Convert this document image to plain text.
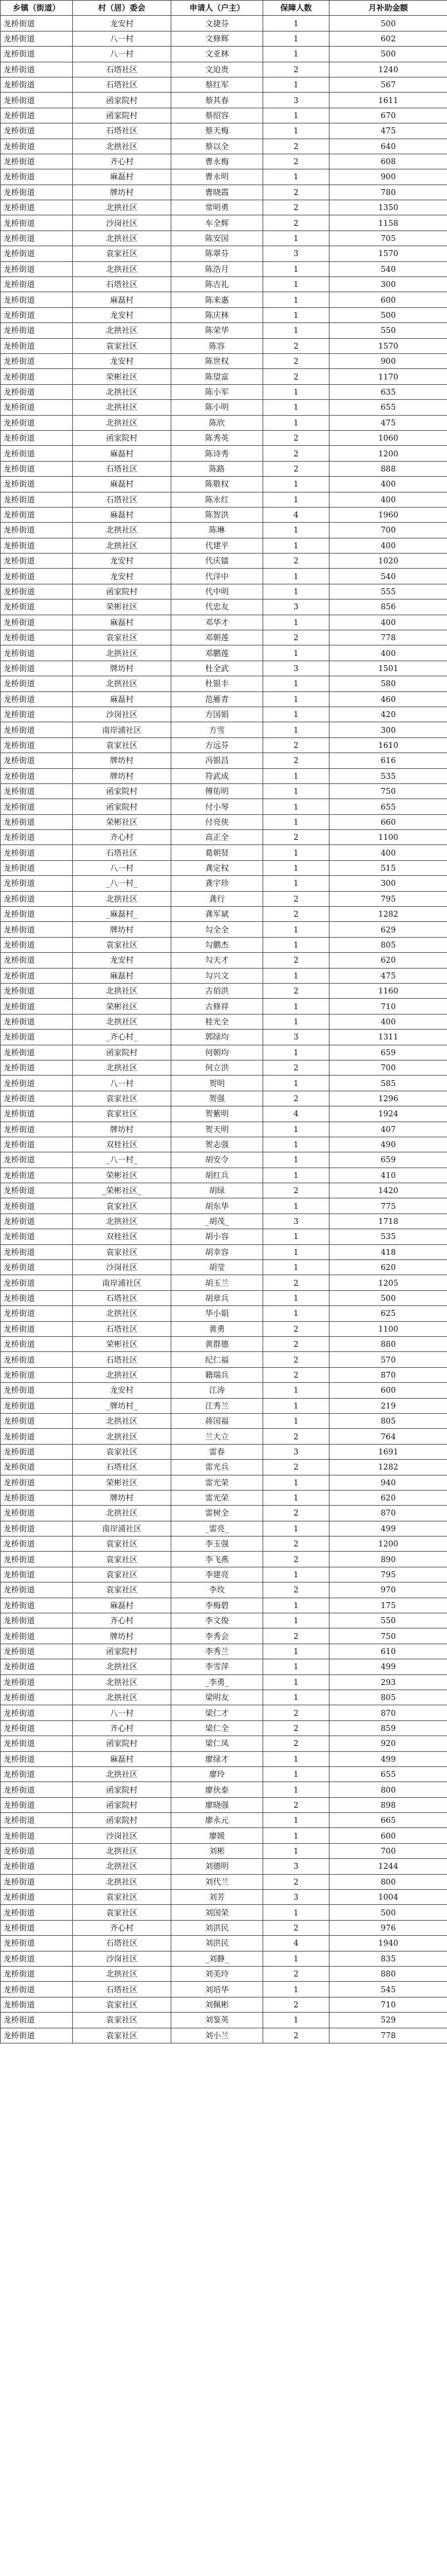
乡镇（街道）	村（居）委会	申请人（户主）	保障人数	月补助金额
龙桥街道	龙安村	文捷芬	1	500
龙桥街道	八一村	文修辉	1	602
龙桥街道	八一村	文亚林	1	500
龙桥街道	石塔社区	文迫贵	2	1240
龙桥街道	石塔社区	蔡红军	1	567
龙桥街道	函家院村	蔡其春	3	1611
龙桥街道	函家院村	蔡绍容	1	670
龙桥街道	石塔社区	蔡天梅	1	475
龙桥街道	北拱社区	蔡以全	2	640
龙桥街道	齐心村	曹永梅	2	608
龙桥街道	麻磊村	曹永明	1	900
龙桥街道	牌坊村	曹晓霞	2	780
龙桥街道	北拱社区	常明勇	2	1350
龙桥街道	沙岗社区	车全辉	2	1158
龙桥街道	北拱社区	陈安国	1	705
龙桥街道	袁家社区	陈翠芬	3	1570
龙桥街道	北拱社区	陈浩月	1	540
龙桥街道	石塔社区	陈吉礼	1	300
龙桥街道	麻磊村	陈来惠	1	600
龙桥街道	龙安村	陈庆林	1	500
龙桥街道	北拱社区	陈荣华	1	550
龙桥街道	袁家社区	陈容	2	1570
龙桥街道	龙安村	陈世权	2	900
龙桥街道	荣彬社区	陈望富	2	1170
龙桥街道	北拱社区	陈小军	1	635
龙桥街道	北拱社区	陈小明	1	655
龙桥街道	北拱社区	陈欣	1	475
龙桥街道	函家院村	陈秀英	2	1060
龙桥街道	麻磊村	陈诗秀	2	1200
龙桥街道	石塔社区	陈路	2	888
龙桥街道	麻磊村	陈敬权	1	400
龙桥街道	石塔社区	陈永红	1	400
龙桥街道	麻磊村	陈智洪	4	1960
龙桥街道	北拱社区	陈琳	1	700
龙桥街道	北拱社区	代建平	1	400
龙桥街道	龙安村	代庆镭	2	1020
龙桥街道	龙安村	代洋中	1	540
龙桥街道	函家院村	代中明	1	555
龙桥街道	荣彬社区	代忠友	3	856
龙桥街道	麻磊村	邓华才	1	400
龙桥街道	袁家社区	邓朝莲	2	778
龙桥街道	北拱社区	邓鹏莲	1	400
龙桥街道	牌坊村	杜全武	3	1501
龙桥街道	北拱社区	杜银丰	1	580
龙桥街道	麻磊村	范雁青	1	460
龙桥街道	沙岗社区	方国娟	1	420
龙桥街道	南岸浦社区	方雪	1	300
龙桥街道	袁家社区	方远芬	2	1610
龙桥街道	牌坊村	冯银昌	2	616
龙桥街道	牌坊村	符武成	1	535
龙桥街道	函家院村	傅佑明	1	750
龙桥街道	函家院村	付小琴	1	655
龙桥街道	荣彬社区	付亮侠	1	660
龙桥街道	齐心村	高正全	2	1100
龙桥街道	石塔社区	葛朝贤	1	400
龙桥街道	八一村	龚定权	1	515
龙桥街道	_八一村_	龚宇珍	1	300
龙桥街道	北拱社区	龚行	2	795
龙桥街道	_麻磊村_	龚军斌	2	1282
龙桥街道	牌坊村	勾全全	1	629
龙桥街道	袁家社区	勾鹏杰	1	805
龙桥街道	龙安村	勾天才	2	620
龙桥街道	麻磊村	勾兴文	1	475
龙桥街道	北拱社区	古佰洪	2	1160
龙桥街道	荣彬社区	古修祥	1	710
龙桥街道	北拱社区	桂光全	1	400
龙桥街道	_齐心村_	郭绿均	3	1311
龙桥街道	函家院村	何朝均	1	659
龙桥街道	北拱社区	何立洪	2	700
龙桥街道	八一村	贺明	1	585
龙桥街道	袁家社区	贺强	2	1296
龙桥街道	袁家社区	贺紫明	4	1924
龙桥街道	牌坊村	贺天明	1	407
龙桥街道	双桂社区	贺志强	1	490
龙桥街道	_八一村_	胡安令	1	659
龙桥街道	荣彬社区	胡红兵	1	410
龙桥街道	_荣彬社区_	胡绿	2	1420
龙桥街道	袁家社区	胡东华	1	775
龙桥街道	北拱社区	_胡茂_	3	1718
龙桥街道	双桂社区	胡小容	1	535
龙桥街道	袁家社区	胡幸容	1	418
龙桥街道	沙岗社区	胡莹	1	620
龙桥街道	南岸浦社区	胡玉兰	2	1205
龙桥街道	石塔社区	胡章兵	1	500
龙桥街道	北拱社区	华小娟	1	625
龙桥街道	石塔社区	黄勇	2	1100
龙桥街道	荣彬社区	黄群德	2	880
龙桥街道	石塔社区	纪仁福	2	570
龙桥街道	北拱社区	籍瑞兵	2	870
龙桥街道	龙安村	江涛	1	600
龙桥街道	_牌坊村_	江秀兰	1	219
龙桥街道	北拱社区	蒋国福	1	805
龙桥街道	北拱社区	兰大立	2	764
龙桥街道	袁家社区	雷春	3	1691
龙桥街道	石塔社区	雷光兵	2	1282
龙桥街道	荣彬社区	雷光荣	1	940
龙桥街道	牌坊村	雷光荣	1	620
龙桥街道	北拱社区	雷树全	2	870
龙桥街道	南岸浦社区	_雷亮_	1	499
龙桥街道	袁家社区	李玉强	2	1200
龙桥街道	袁家社区	李飞燕	2	890
龙桥街道	袁家社区	李建亮	1	795
龙桥街道	袁家社区	李玫	2	970
龙桥街道	麻磊村	李梅碧	1	175
龙桥街道	齐心村	李文俊	1	550
龙桥街道	牌坊村	李秀会	2	750
龙桥街道	函家院村	李秀兰	1	610
龙桥街道	北拱社区	李雪萍	1	499
龙桥街道	北拱社区	_李勇_	1	293
龙桥街道	北拱社区	梁明友	1	805
龙桥街道	八一村	梁仁才	2	870
龙桥街道	齐心村	梁仁全	2	859
龙桥街道	函家院村	梁仁凤	2	920
龙桥街道	麻磊村	廖绿才	1	499
龙桥街道	北拱社区	廖玲	1	655
龙桥街道	函家院村	廖伙泰	1	800
龙桥街道	函家院村	廖晓强	2	898
龙桥街道	函家院村	廖永元	1	665
龙桥街道	沙岗社区	廖媛	1	600
龙桥街道	北拱社区	刘彬	1	700
龙桥街道	北拱社区	刘德明	3	1244
龙桥街道	北拱社区	刘代兰	2	800
龙桥街道	袁家社区	刘芳	3	1004
龙桥街道	袁家社区	刘国荣	1	500
龙桥街道	齐心村	刘洪民	2	976
龙桥街道	石塔社区	刘洪民	4	1940
龙桥街道	沙岗社区	_刘静_	1	835
龙桥街道	北拱社区	刘美玲	2	880
龙桥街道	石塔社区	刘培华	1	545
龙桥街道	袁家社区	刘佩彬	2	710
龙桥街道	袁家社区	刘鉴英	1	529
龙桥街道	袁家社区	刘小兰	2	778
